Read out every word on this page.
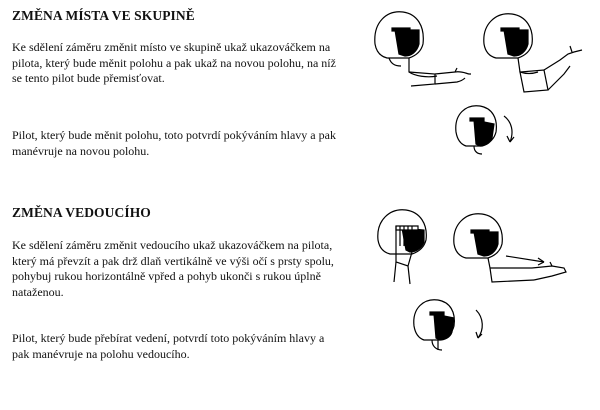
ZMĚNA MÍSTA VE SKUPINĚ

Ke sdělení záměru změnit místo ve skupině ukaž ukazováčkem na pilota, který bude měnit polohu a pak ukaž na novou polohu, na níž se tento pilot bude přemisťovat.

Pilot, který bude měnit polohu, toto potvrdí pokýváním hlavy a pak manévruje na novou polohu.

ZMĚNA VEDOUCÍHO

Ke sdělení záměru změnit vedoucího ukaž ukazováčkem na pilota, který má převzít a pak drž dlaň vertikálně ve výši očí s prsty spolu, pohybuj rukou horizontálně vpřed a pohyb ukonči s rukou úplně nataženou.

Pilot, který bude přebírat vedení, potvrdí toto pokýváním hlavy a pak manévruje na polohu vedoucího.
